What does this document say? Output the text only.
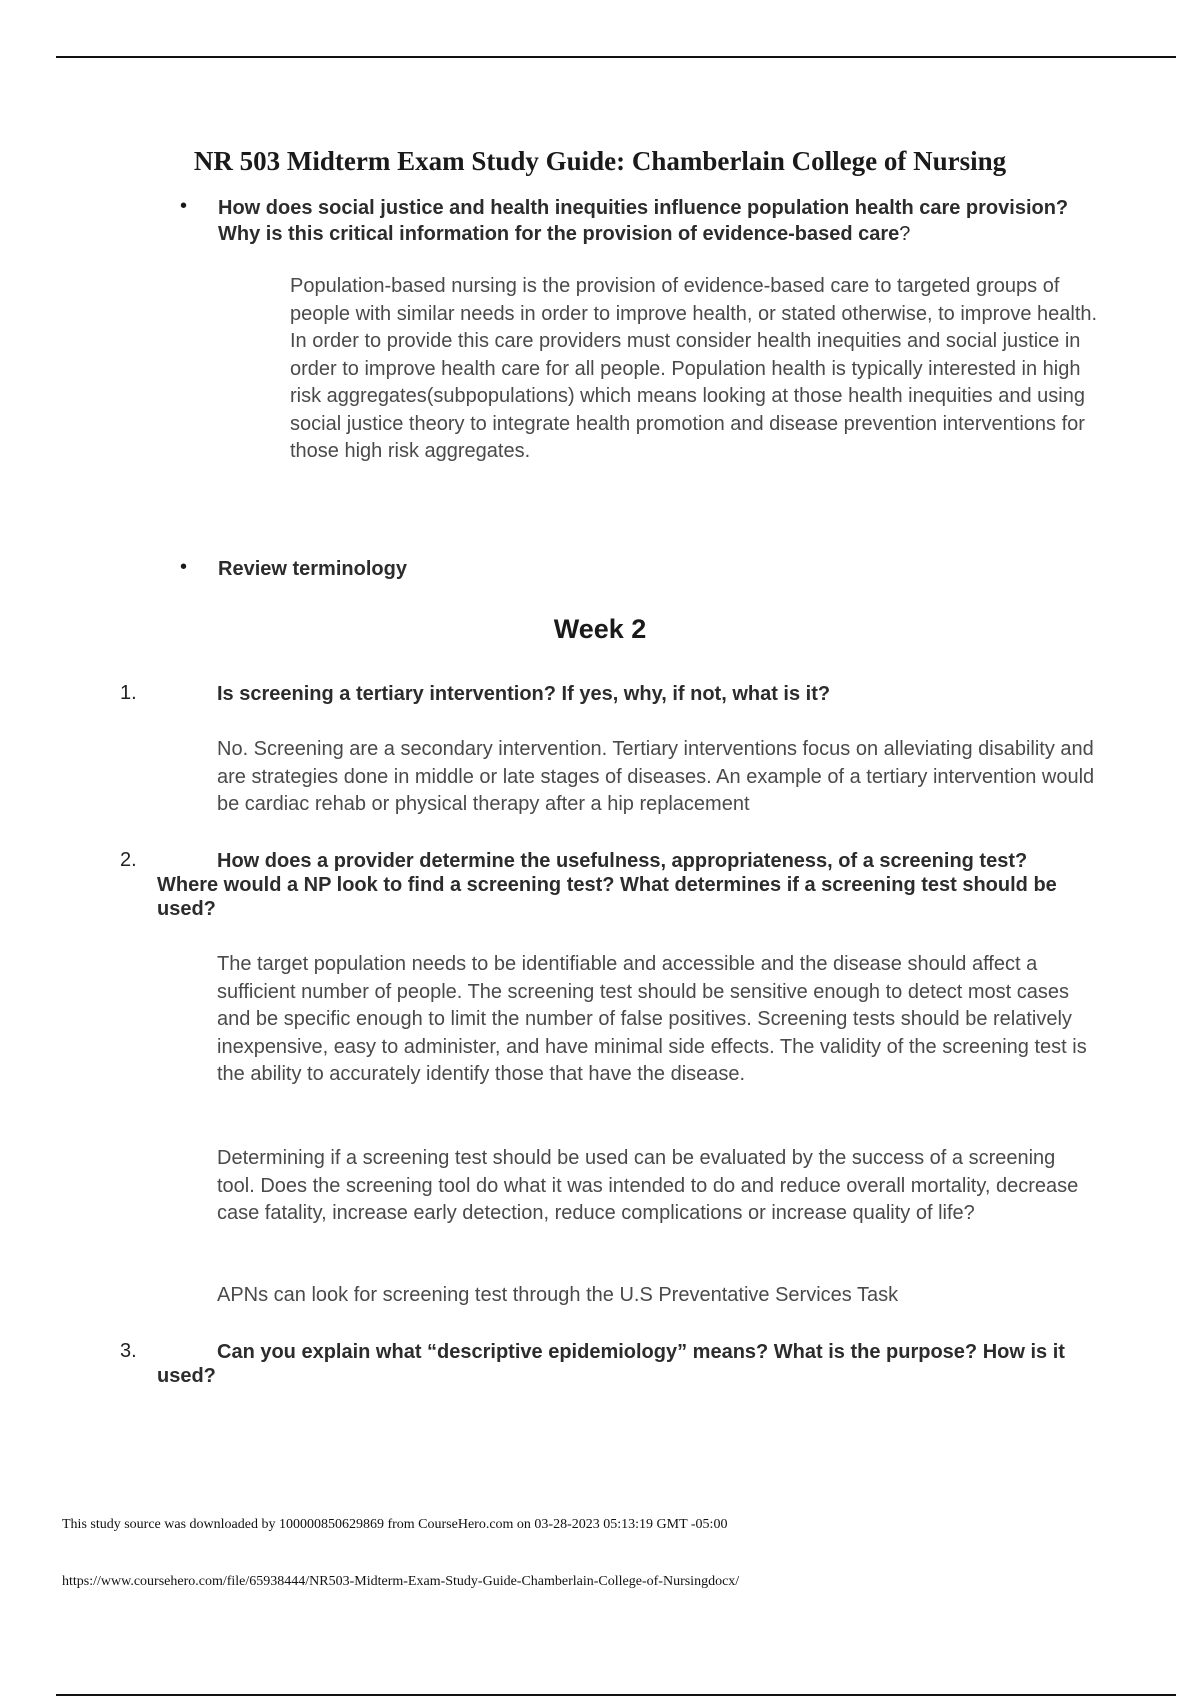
NR 503 Midterm Exam Study Guide: Chamberlain College of Nursing
• How does social justice and health inequities influence population health care provision? Why is this critical information for the provision of evidence-based care?

Population-based nursing is the provision of evidence-based care to targeted groups of people with similar needs in order to improve health, or stated otherwise, to improve health. In order to provide this care providers must consider health inequities and social justice in order to improve health care for all people. Population health is typically interested in high risk aggregates(subpopulations) which means looking at those health inequities and using social justice theory to integrate health promotion and disease prevention interventions for those high risk aggregates.

• Review terminology
Week 2
1.	Is screening a tertiary intervention? If yes, why, if not, what is it?

No. Screening are a secondary intervention. Tertiary interventions focus on alleviating disability and are strategies done in middle or late stages of diseases. An example of a tertiary intervention would be cardiac rehab or physical therapy after a hip replacement

2.	How does a provider determine the usefulness, appropriateness, of a screening test? Where would a NP look to find a screening test? What determines if a screening test should be used?

The target population needs to be identifiable and accessible and the disease should affect a sufficient number of people. The screening test should be sensitive enough to detect most cases and be specific enough to limit the number of false positives. Screening tests should be relatively inexpensive, easy to administer, and have minimal side effects. The validity of the screening test is the ability to accurately identify those that have the disease.

Determining if a screening test should be used can be evaluated by the success of a screening tool. Does the screening tool do what it was intended to do and reduce overall mortality, decrease case fatality, increase early detection, reduce complications or increase quality of life?

APNs can look for screening test through the U.S Preventative Services Task

3.	Can you explain what “descriptive epidemiology” means? What is the purpose? How is it used?

This study source was downloaded by 100000850629869 from CourseHero.com on 03-28-2023 05:13:19 GMT -05:00
https://www.coursehero.com/file/65938444/NR503-Midterm-Exam-Study-Guide-Chamberlain-College-of-Nursingdocx/
